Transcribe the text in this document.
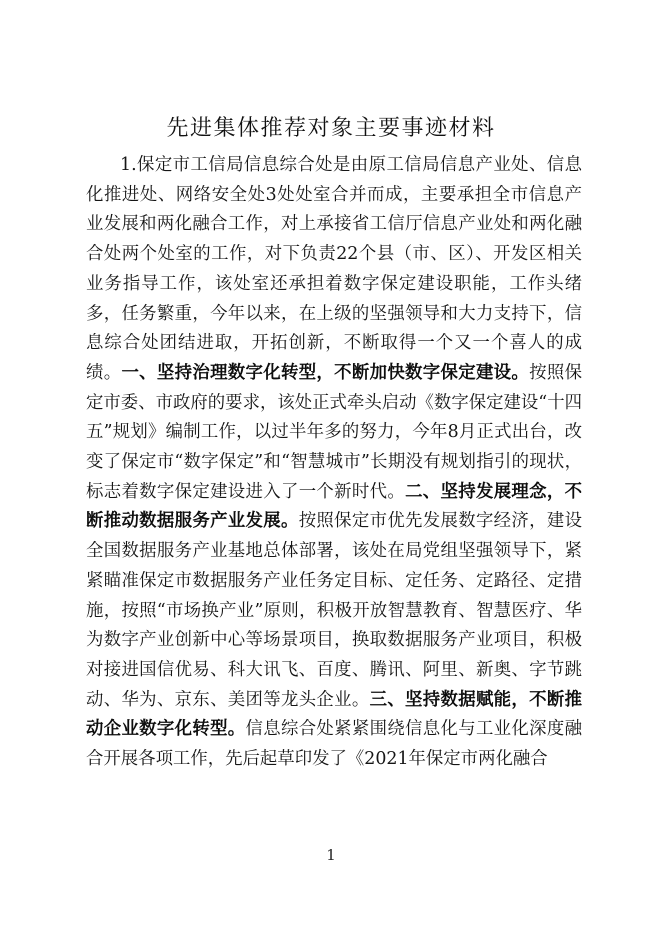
先进集体推荐对象主要事迹材料

1.保定市工信局信息综合处是由原工信局信息产业处、信息化推进处、网络安全处3处处室合并而成，主要承担全市信息产业发展和两化融合工作，对上承接省工信厅信息产业处和两化融合处两个处室的工作，对下负责22个县（市、区）、开发区相关业务指导工作，该处室还承担着数字保定建设职能，工作头绪多，任务繁重，今年以来，在上级的坚强领导和大力支持下，信息综合处团结进取，开拓创新，不断取得一个又一个喜人的成绩。一、坚持治理数字化转型，不断加快数字保定建设。按照保定市委、市政府的要求，该处正式牵头启动《数字保定建设“十四五”规划》编制工作，以过半年多的努力，今年8月正式出台，改变了保定市“数字保定”和“智慧城市”长期没有规划指引的现状，标志着数字保定建设进入了一个新时代。二、坚持发展理念，不断推动数据服务产业发展。按照保定市优先发展数字经济，建设全国数据服务产业基地总体部署，该处在局党组坚强领导下，紧紧瞄准保定市数据服务产业任务定目标、定任务、定路径、定措施，按照“市场换产业”原则，积极开放智慧教育、智慧医疗、华为数字产业创新中心等场景项目，换取数据服务产业项目，积极对接进国信优易、科大讯飞、百度、腾讯、阿里、新奥、字节跳动、华为、京东、美团等龙头企业。三、坚持数据赋能，不断推动企业数字化转型。信息综合处紧紧围绕信息化与工业化深度融合开展各项工作，先后起草印发了《2021年保定市两化融合

1
